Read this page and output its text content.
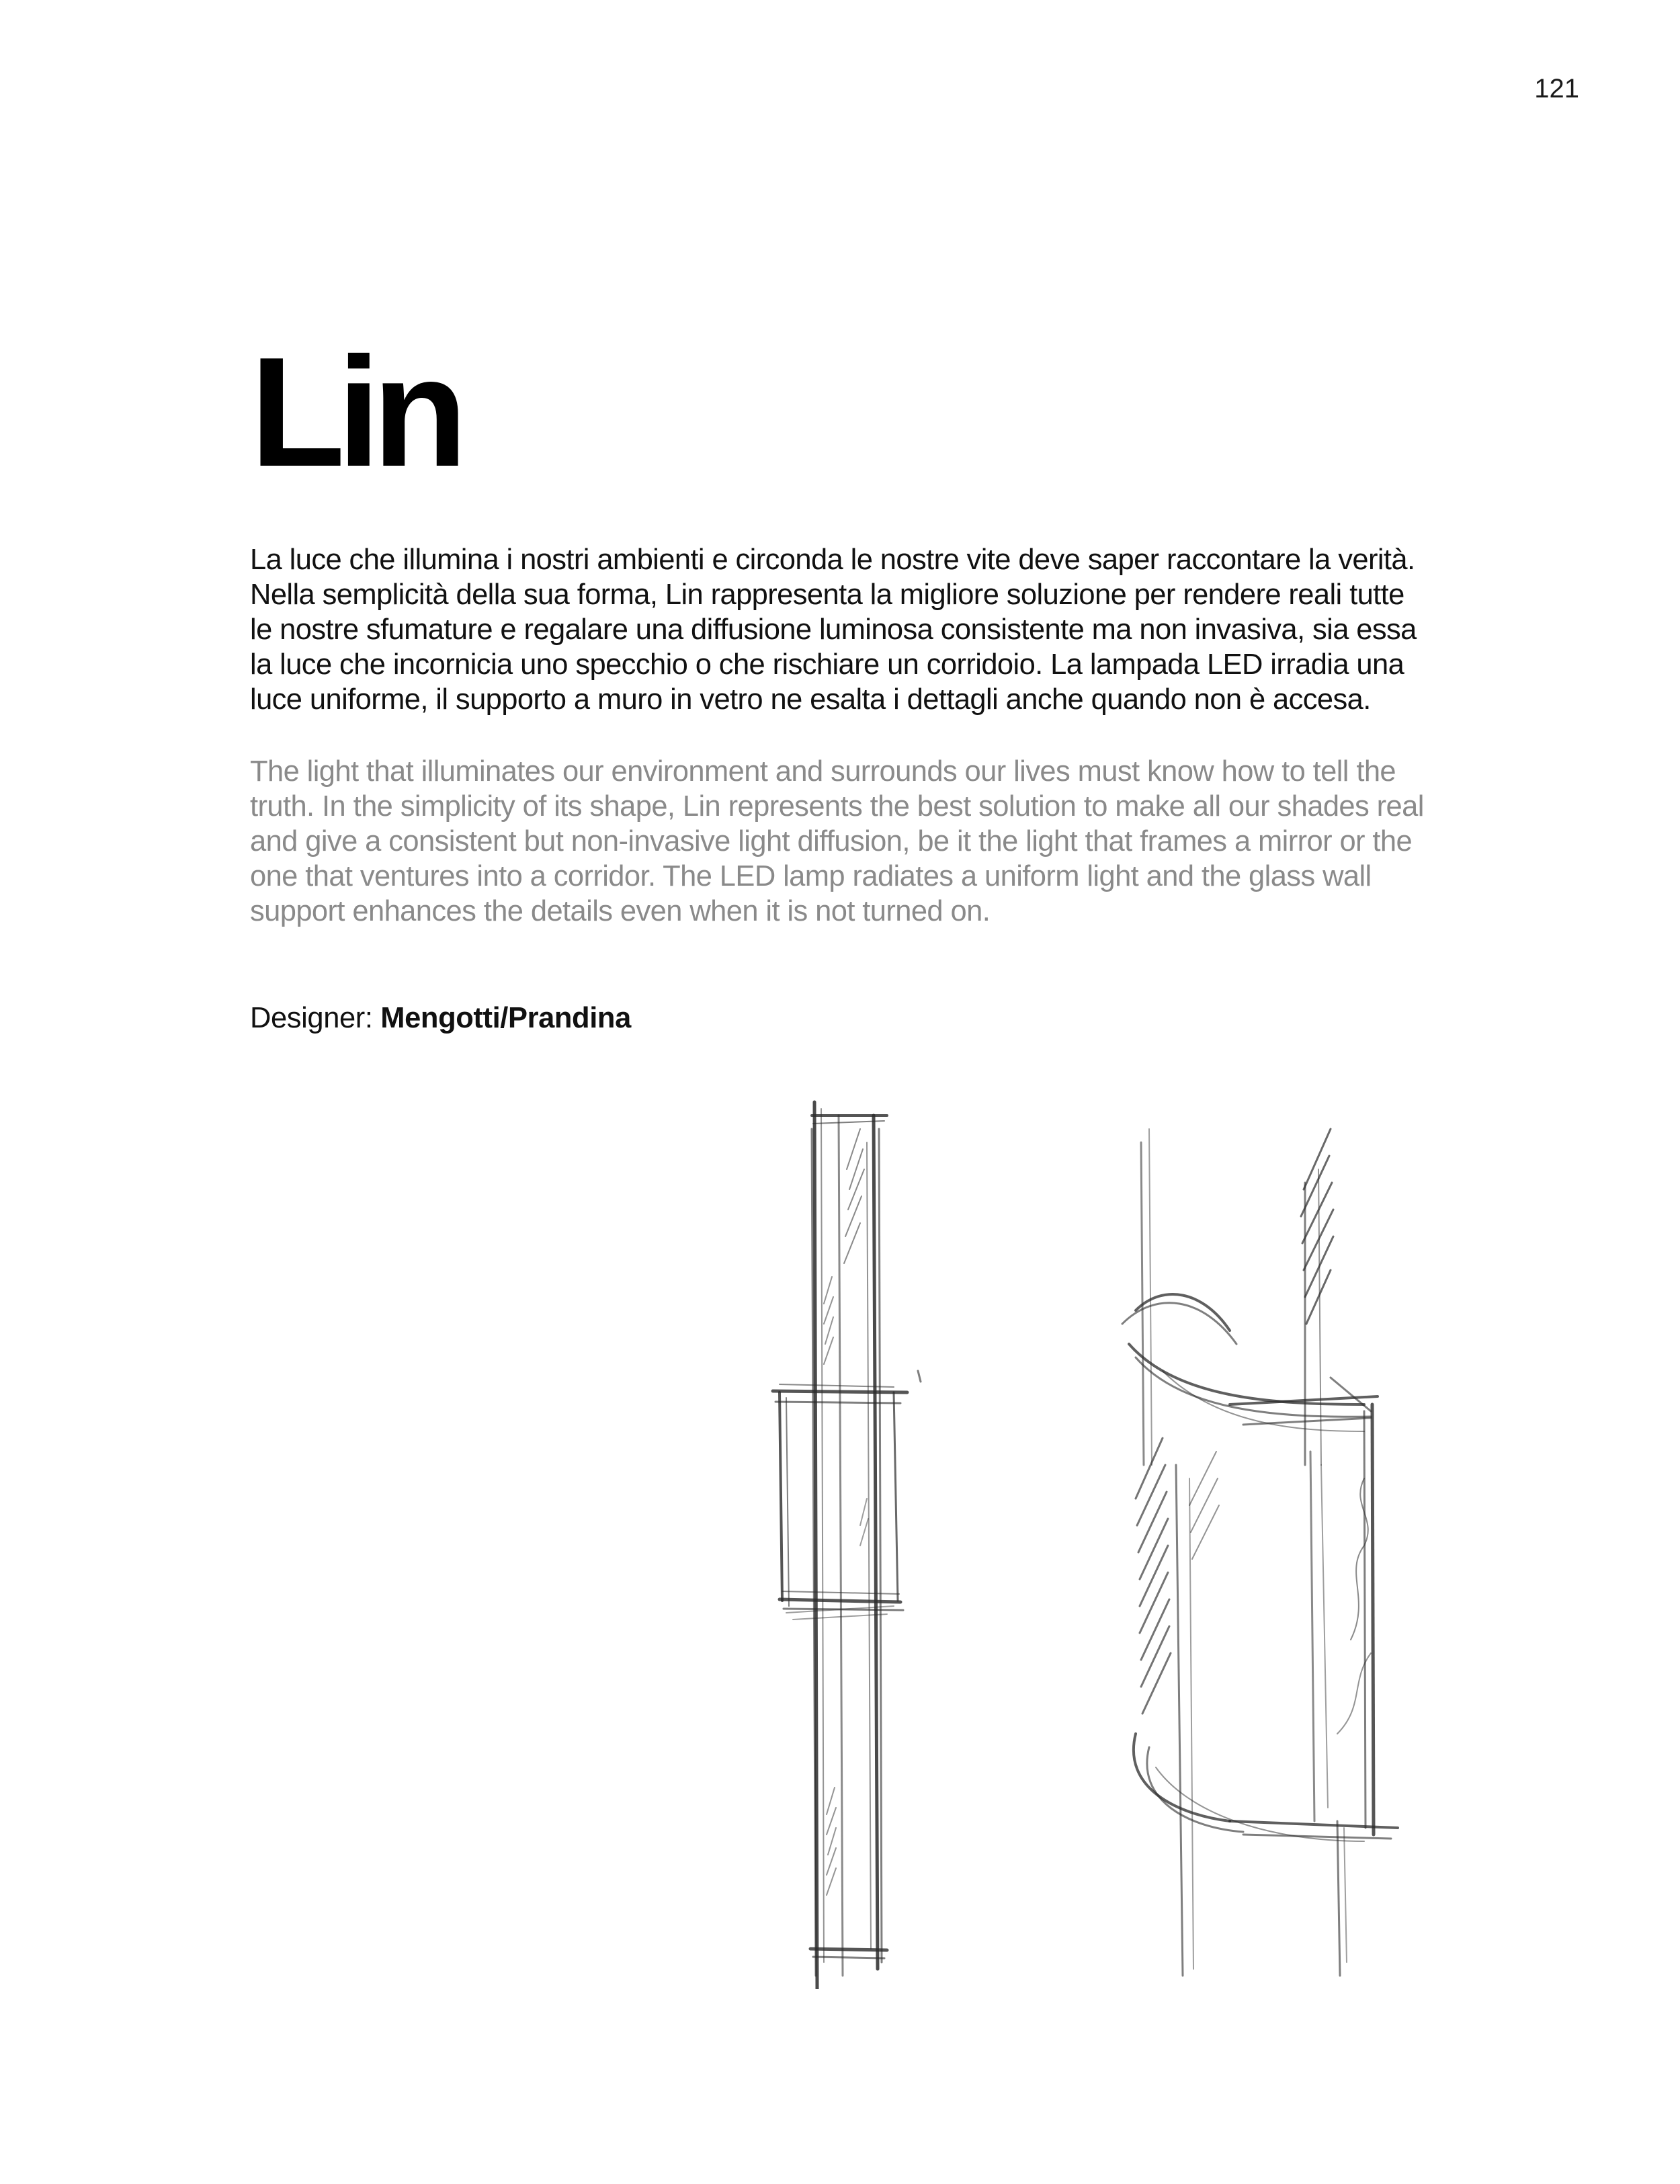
121
Lin

La luce che illumina i nostri ambienti e circonda le nostre vite deve saper raccontare la verità. Nella semplicità della sua forma, Lin rappresenta la migliore soluzione per rendere reali tutte le nostre sfumature e regalare una diffusione luminosa consistente ma non invasiva, sia essa la luce che incornicia uno specchio o che rischiare un corridoio. La lampada LED irradia una luce uniforme, il supporto a muro in vetro ne esalta i dettagli anche quando non è accesa.

The light that illuminates our environment and surrounds our lives must know how to tell the truth. In the simplicity of its shape, Lin represents the best solution to make all our shades real and give a consistent but non-invasive light diffusion, be it the light that frames a mirror or the one that ventures into a corridor. The LED lamp radiates a uniform light and the glass wall support enhances the details even when it is not turned on.

Designer: Mengotti/Prandina
